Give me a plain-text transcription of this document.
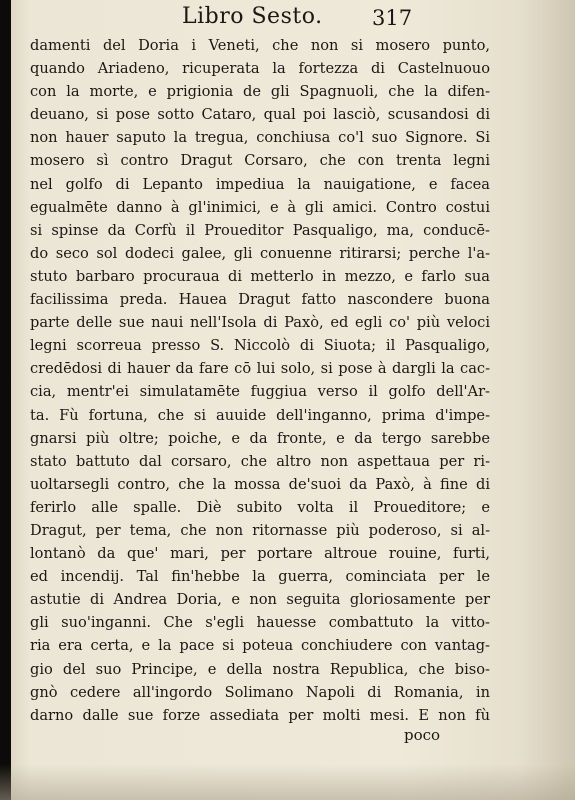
Libro Sesto. 317
damenti del Doria i Veneti, che non si mosero punto,
quando Ariadeno, ricuperata la fortezza di Castelnuouo
con la morte, e prigionia de gli Spagnuoli, che la difen-
deuano, si pose sotto Cataro, qual poi lasciò, scusandosi di
non hauer saputo la tregua, conchiusa co'l suo Signore. Si
mosero sì contro Dragut Corsaro, che con trenta legni
nel golfo di Lepanto impediua la nauigatione, e facea
egualmēte danno à gl'inimici, e à gli amici. Contro costui
si spinse da Corfù il Proueditor Pasqualigo, ma, conducē-
do seco sol dodeci galee, gli conuenne ritirarsi; perche l'a-
stuto barbaro procuraua di metterlo in mezzo, e farlo sua
facilissima preda. Hauea Dragut fatto nascondere buona
parte delle sue naui nell'Isola di Paxò, ed egli co' più veloci
legni scorreua presso S. Niccolò di Siuota; il Pasqualigo,
credēdosi di hauer da fare cō lui solo, si pose à dargli la cac-
cia, mentr'ei simulatamēte fuggiua verso il golfo dell'Ar-
ta. Fù fortuna, che si auuide dell'inganno, prima d'impe-
gnarsi più oltre; poiche, e da fronte, e da tergo sarebbe
stato battuto dal corsaro, che altro non aspettaua per ri-
uoltarsegli contro, che la mossa de'suoi da Paxò, à fine di
ferirlo alle spalle. Diè subito volta il Proueditore; e
Dragut, per tema, che non ritornasse più poderoso, si al-
lontanò da que' mari, per portare altroue rouine, furti,
ed incendij. Tal fin'hebbe la guerra, cominciata per le
astutie di Andrea Doria, e non seguita gloriosamente per
gli suo'inganni. Che s'egli hauesse combattuto la vitto-
ria era certa, e la pace si poteua conchiudere con vantag-
gio del suo Principe, e della nostra Republica, che biso-
gnò cedere all'ingordo Solimano Napoli di Romania, in
darno dalle sue forze assediata per molti mesi. E non fù
poco
